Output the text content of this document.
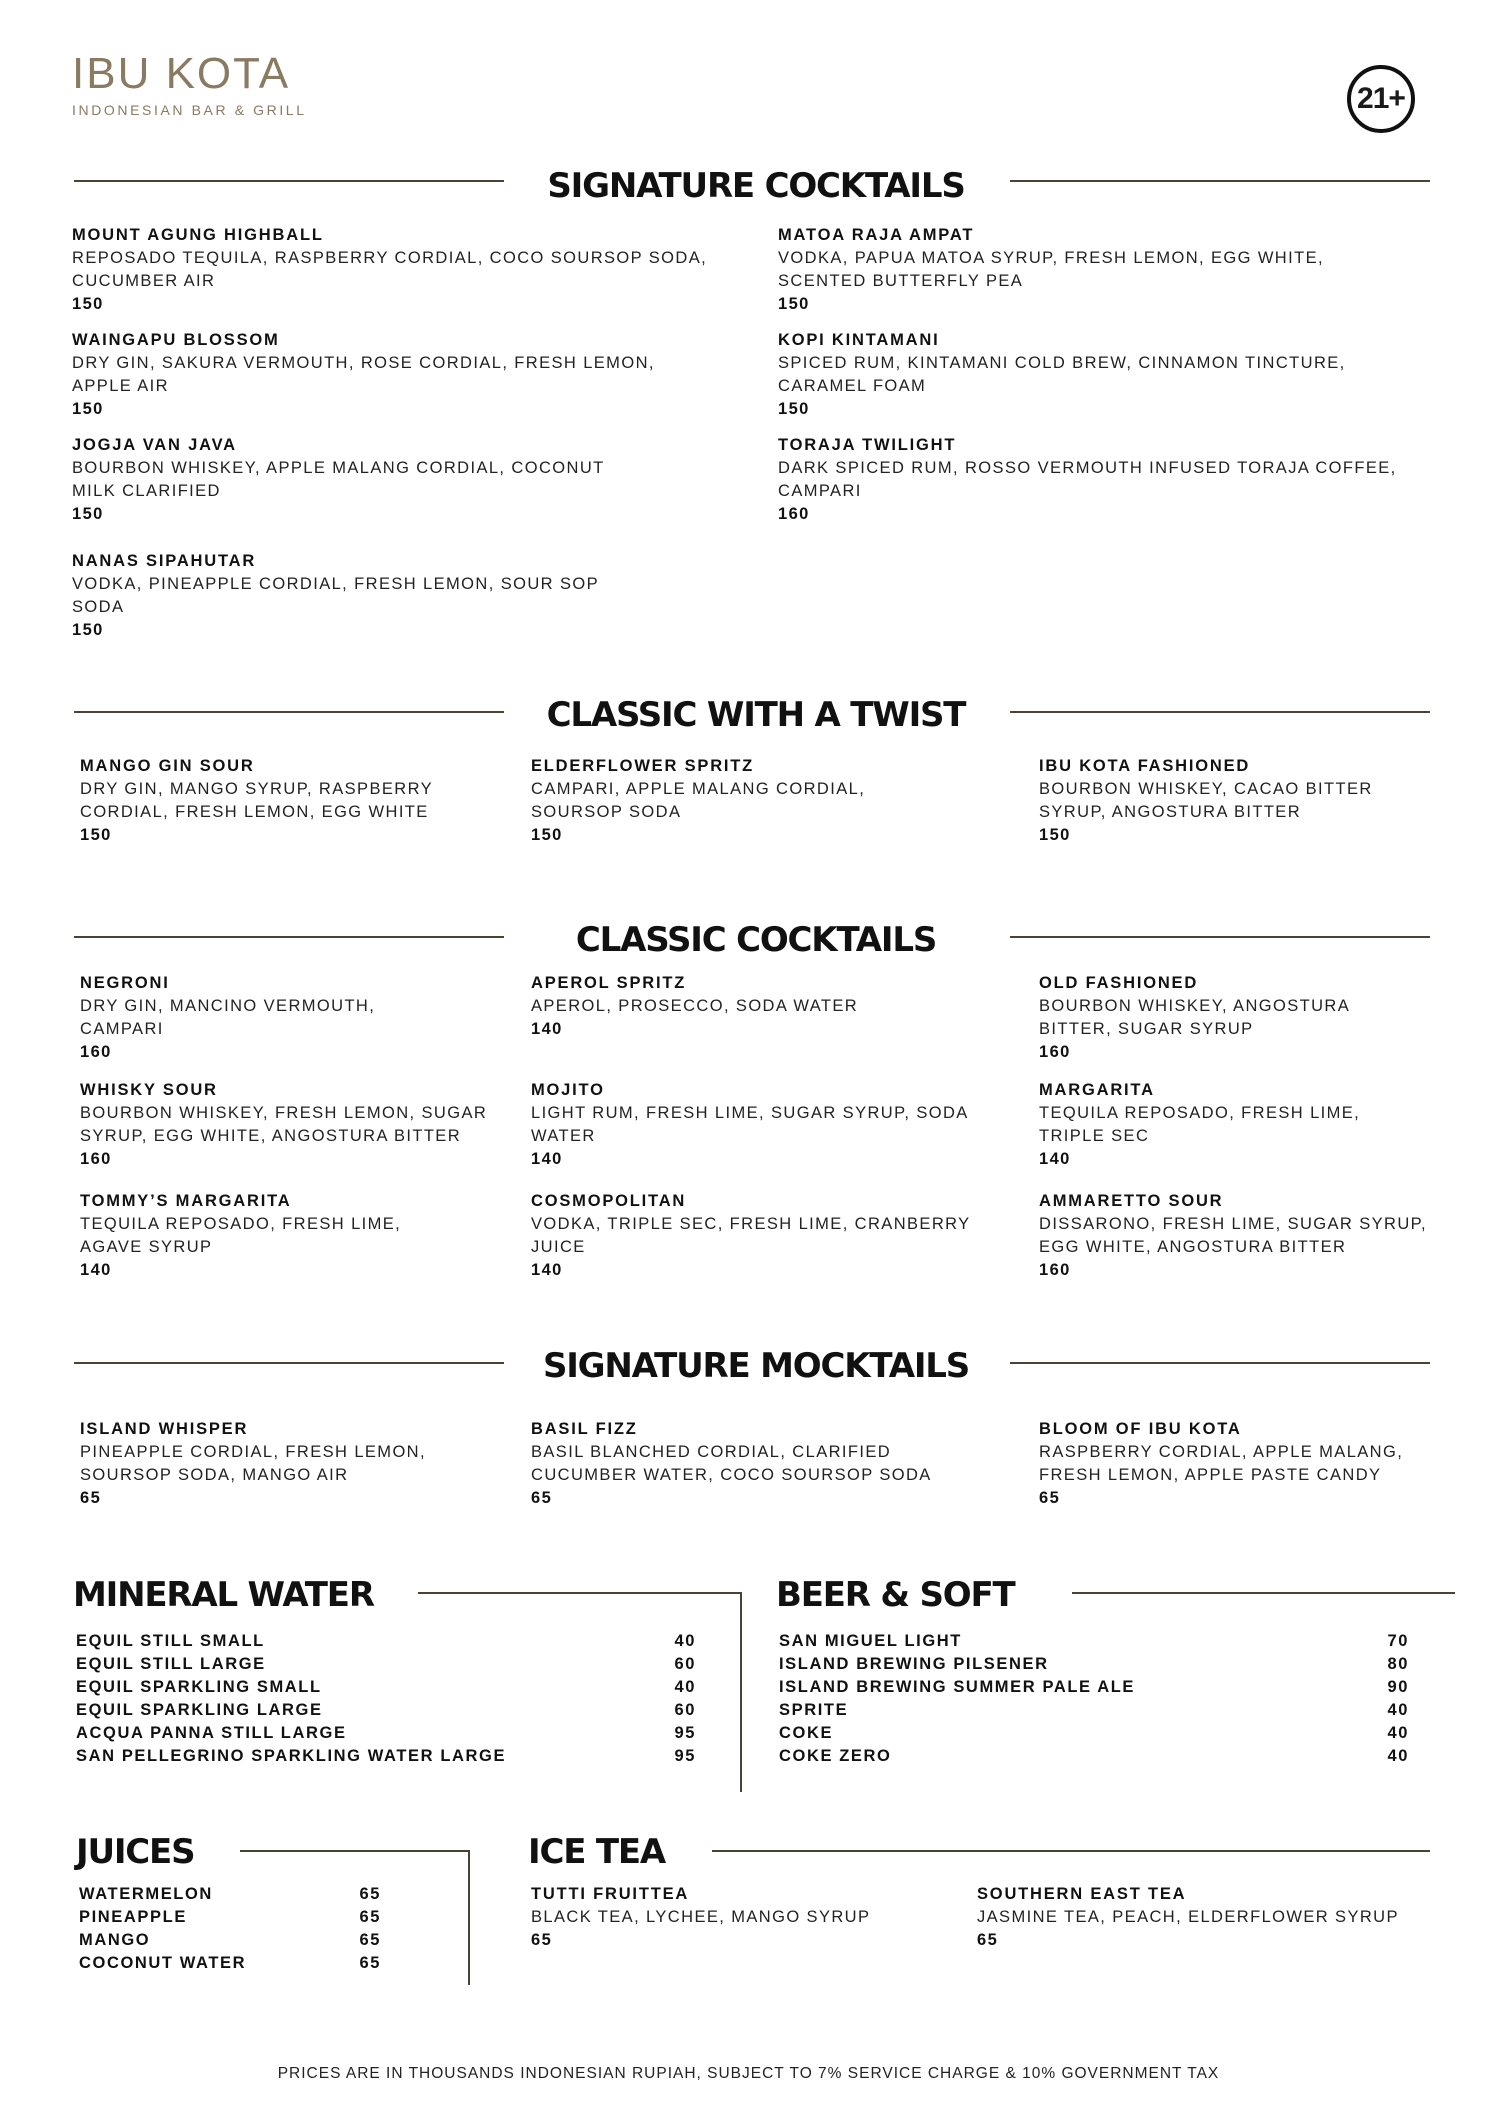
IBU KOTA
INDONESIAN BAR & GRILL	21+
SIGNATURE COCKTAILS
MOUNT AGUNG HIGHBALL
REPOSADO TEQUILA, RASPBERRY CORDIAL, COCO SOURSOP SODA, CUCUMBER AIR
150
MATOA RAJA AMPAT
VODKA, PAPUA MATOA SYRUP, FRESH LEMON, EGG WHITE, SCENTED BUTTERFLY PEA
150
WAINGAPU BLOSSOM
DRY GIN, SAKURA VERMOUTH, ROSE CORDIAL, FRESH LEMON, APPLE AIR
150
KOPI KINTAMANI
SPICED RUM, KINTAMANI COLD BREW, CINNAMON TINCTURE, CARAMEL FOAM
150
JOGJA VAN JAVA
BOURBON WHISKEY, APPLE MALANG CORDIAL, COCONUT MILK CLARIFIED
150
TORAJA TWILIGHT
DARK SPICED RUM, ROSSO VERMOUTH INFUSED TORAJA COFFEE, CAMPARI
160
NANAS SIPAHUTAR
VODKA, PINEAPPLE CORDIAL, FRESH LEMON, SOUR SOP SODA
150
CLASSIC WITH A TWIST
MANGO GIN SOUR
DRY GIN, MANGO SYRUP, RASPBERRY CORDIAL, FRESH LEMON, EGG WHITE
150
ELDERFLOWER SPRITZ
CAMPARI, APPLE MALANG CORDIAL, SOURSOP SODA
150
IBU KOTA FASHIONED
BOURBON WHISKEY, CACAO BITTER SYRUP, ANGOSTURA BITTER
150
CLASSIC COCKTAILS
NEGRONI
DRY GIN, MANCINO VERMOUTH, CAMPARI
160
APEROL SPRITZ
APEROL, PROSECCO, SODA WATER
140
OLD FASHIONED
BOURBON WHISKEY, ANGOSTURA BITTER, SUGAR SYRUP
160
WHISKY SOUR
BOURBON WHISKEY, FRESH LEMON, SUGAR SYRUP, EGG WHITE, ANGOSTURA BITTER
160
MOJITO
LIGHT RUM, FRESH LIME, SUGAR SYRUP, SODA WATER
140
MARGARITA
TEQUILA REPOSADO, FRESH LIME, TRIPLE SEC
140
TOMMY’S MARGARITA
TEQUILA REPOSADO, FRESH LIME, AGAVE SYRUP
140
COSMOPOLITAN
VODKA, TRIPLE SEC, FRESH LIME, CRANBERRY JUICE
140
AMMARETTO SOUR
DISSARONO, FRESH LIME, SUGAR SYRUP, EGG WHITE, ANGOSTURA BITTER
160
SIGNATURE MOCKTAILS
ISLAND WHISPER
PINEAPPLE CORDIAL, FRESH LEMON, SOURSOP SODA, MANGO AIR
65
BASIL FIZZ
BASIL BLANCHED CORDIAL, CLARIFIED CUCUMBER WATER, COCO SOURSOP SODA
65
BLOOM OF IBU KOTA
RASPBERRY CORDIAL, APPLE MALANG, FRESH LEMON, APPLE PASTE CANDY
65
MINERAL WATER
EQUIL STILL SMALL	40
EQUIL STILL LARGE	60
EQUIL SPARKLING SMALL	40
EQUIL SPARKLING LARGE	60
ACQUA PANNA STILL LARGE	95
SAN PELLEGRINO SPARKLING WATER LARGE	95
BEER & SOFT
SAN MIGUEL LIGHT	70
ISLAND BREWING PILSENER	80
ISLAND BREWING SUMMER PALE ALE	90
SPRITE	40
COKE	40
COKE ZERO	40
JUICES
WATERMELON	65
PINEAPPLE	65
MANGO	65
COCONUT WATER	65
ICE TEA
TUTTI FRUITTEA
BLACK TEA, LYCHEE, MANGO SYRUP
65
SOUTHERN EAST TEA
JASMINE TEA, PEACH, ELDERFLOWER SYRUP
65
PRICES ARE IN THOUSANDS INDONESIAN RUPIAH, SUBJECT TO 7% SERVICE CHARGE & 10% GOVERNMENT TAX
